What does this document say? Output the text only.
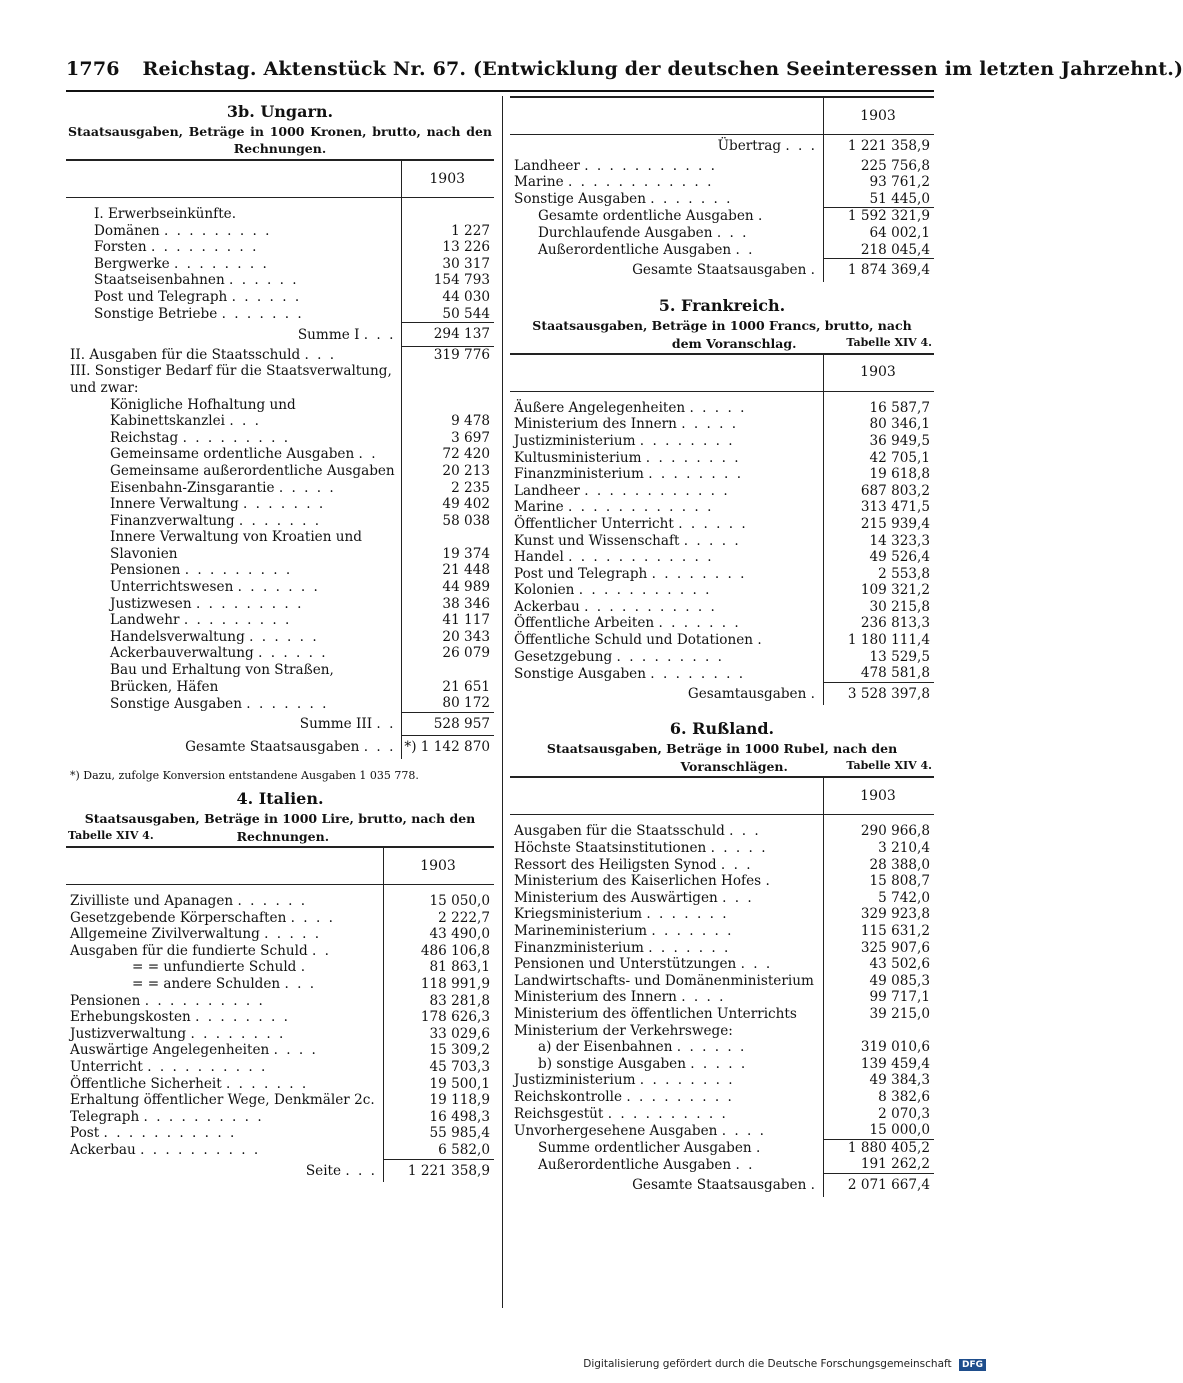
1776 Reichstag. Aktenstück Nr. 67. (Entwicklung der deutschen Seeinteressen im letzten Jahrzehnt.)
3b. Ungarn.
Staatsausgaben, Beträge in 1000 Kronen, brutto, nach den Rechnungen.
	1903

I. Erwerbseinkünfte.	
Domänen . . . . . . . . .	1 227
Forsten . . . . . . . . .	13 226
Bergwerke . . . . . . . .	30 317
Staatseisenbahnen . . . . . .	154 793
Post und Telegraph . . . . . .	44 030
Sonstige Betriebe . . . . . . .	50 544
Summe I . . .	294 137
II. Ausgaben für die Staatsschuld . . .	319 776
III. Sonstiger Bedarf für die Staatsverwaltung, und zwar:	
Königliche Hofhaltung und Kabinettskanzlei . . .	9 478
Reichstag . . . . . . . . .	3 697
Gemeinsame ordentliche Ausgaben . .	72 420
Gemeinsame außerordentliche Ausgaben	20 213
Eisenbahn-Zinsgarantie . . . . .	2 235
Innere Verwaltung . . . . . . .	49 402
Finanzverwaltung . . . . . . .	58 038
Innere Verwaltung von Kroatien und Slavonien	19 374
Pensionen . . . . . . . . .	21 448
Unterrichtswesen . . . . . . .	44 989
Justizwesen . . . . . . . . .	38 346
Landwehr . . . . . . . . .	41 117
Handelsverwaltung . . . . . .	20 343
Ackerbauverwaltung . . . . . .	26 079
Bau und Erhaltung von Straßen, Brücken, Häfen	21 651
Sonstige Ausgaben . . . . . . .	80 172
Summe III . .	528 957
Gesamte Staatsausgaben . . .	*) 1 142 870
*) Dazu, zufolge Konversion entstandene Ausgaben 1 035 778.
4. Italien.
Staatsausgaben, Beträge in 1000 Lire, brutto, nach den
Tabelle XIV 4.	Rechnungen.
	1903

Zivilliste und Apanagen . . . . . .	15 050,0
Gesetzgebende Körperschaften . . . .	2 222,7
Allgemeine Zivilverwaltung . . . . .	43 490,0
Ausgaben für die fundierte Schuld . .	486 106,8
= = unfundierte Schuld .	81 863,1
= = andere Schulden . . .	118 991,9
Pensionen . . . . . . . . . .	83 281,8
Erhebungskosten . . . . . . . .	178 626,3
Justizverwaltung . . . . . . . .	33 029,6
Auswärtige Angelegenheiten . . . .	15 309,2
Unterricht . . . . . . . . . .	45 703,3
Öffentliche Sicherheit . . . . . . .	19 500,1
Erhaltung öffentlicher Wege, Denkmäler 2c.	19 118,9
Telegraph . . . . . . . . . .	16 498,3
Post . . . . . . . . . . .	55 985,4
Ackerbau . . . . . . . . . .	6 582,0
Seite . . .	1 221 358,9
	1903
Übertrag . . .	1 221 358,9
Landheer . . . . . . . . . . .	225 756,8
Marine . . . . . . . . . . . .	93 761,2
Sonstige Ausgaben . . . . . . .	51 445,0
Gesamte ordentliche Ausgaben .	1 592 321,9
Durchlaufende Ausgaben . . .	64 002,1
Außerordentliche Ausgaben . .	218 045,4
Gesamte Staatsausgaben .	1 874 369,4
5. Frankreich.
Staatsausgaben, Beträge in 1000 Francs, brutto, nach
dem Voranschlag.	Tabelle XIV 4.
	1903

Äußere Angelegenheiten . . . . .	16 587,7
Ministerium des Innern . . . . .	80 346,1
Justizministerium . . . . . . . .	36 949,5
Kultusministerium . . . . . . . .	42 705,1
Finanzministerium . . . . . . . .	19 618,8
Landheer . . . . . . . . . . . .	687 803,2
Marine . . . . . . . . . . . .	313 471,5
Öffentlicher Unterricht . . . . . .	215 939,4
Kunst und Wissenschaft . . . . .	14 323,3
Handel . . . . . . . . . . . .	49 526,4
Post und Telegraph . . . . . . . .	2 553,8
Kolonien . . . . . . . . . . .	109 321,2
Ackerbau . . . . . . . . . . .	30 215,8
Öffentliche Arbeiten . . . . . . .	236 813,3
Öffentliche Schuld und Dotationen .	1 180 111,4
Gesetzgebung . . . . . . . . .	13 529,5
Sonstige Ausgaben . . . . . . . .	478 581,8
Gesamtausgaben .	3 528 397,8
6. Rußland.
Staatsausgaben, Beträge in 1000 Rubel, nach den
Voranschlägen.	Tabelle XIV 4.
	1903

Ausgaben für die Staatsschuld . . .	290 966,8
Höchste Staatsinstitutionen . . . . .	3 210,4
Ressort des Heiligsten Synod . . .	28 388,0
Ministerium des Kaiserlichen Hofes .	15 808,7
Ministerium des Auswärtigen . . .	5 742,0
Kriegsministerium . . . . . . .	329 923,8
Marineministerium . . . . . . .	115 631,2
Finanzministerium . . . . . . .	325 907,6
Pensionen und Unterstützungen . . .	43 502,6
Landwirtschafts- und Domänenministerium	49 085,3
Ministerium des Innern . . . .	99 717,1
Ministerium des öffentlichen Unterrichts	39 215,0
Ministerium der Verkehrswege:	
a) der Eisenbahnen . . . . . .	319 010,6
b) sonstige Ausgaben . . . . .	139 459,4
Justizministerium . . . . . . . .	49 384,3
Reichskontrolle . . . . . . . . .	8 382,6
Reichsgestüt . . . . . . . . . .	2 070,3
Unvorhergesehene Ausgaben . . . .	15 000,0
Summe ordentlicher Ausgaben .	1 880 405,2
Außerordentliche Ausgaben . .	191 262,2
Gesamte Staatsausgaben .	2 071 667,4
Digitalisierung gefördert durch die Deutsche Forschungsgemeinschaft DFG
